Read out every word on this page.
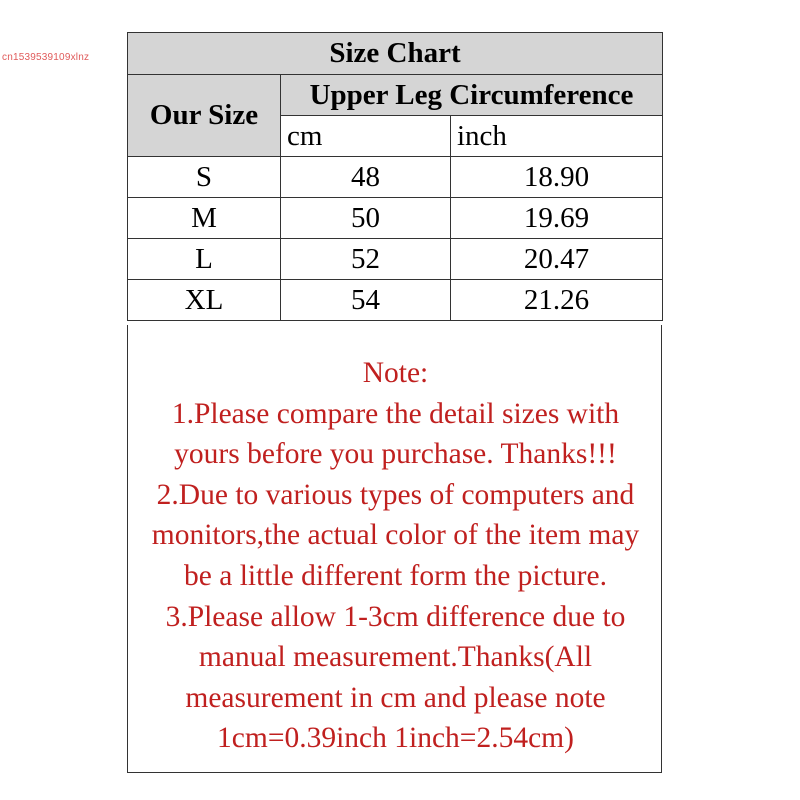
cn1539539109xlnz	Size Chart		
Our Size	Upper Leg Circumference	
	cm	inch
S	48	18.90
M	50	19.69
L	52	20.47
XL	54	21.26

Note:
1.Please compare the detail sizes with
yours before you purchase. Thanks!!!
2.Due to various types of computers and
monitors,the actual color of the item may
be a little different form the picture.
3.Please allow 1-3cm difference due to
manual measurement.Thanks(All
measurement in cm and please note
1cm=0.39inch 1inch=2.54cm)
